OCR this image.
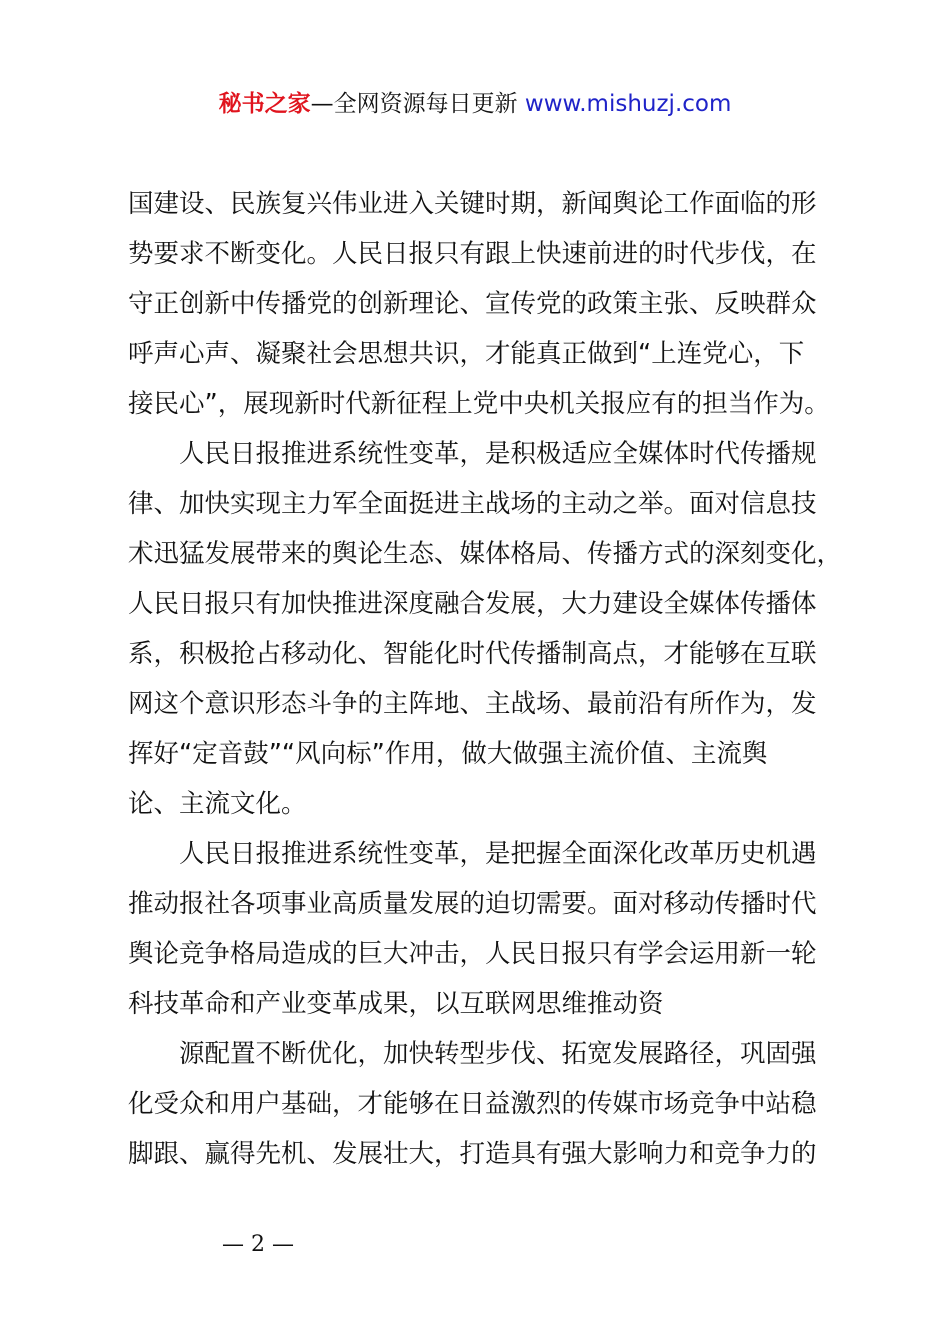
秘书之家—全网资源每日更新 www.mishuzj.com
国建设、民族复兴伟业进入关键时期，新闻舆论工作面临的形
势要求不断变化。人民日报只有跟上快速前进的时代步伐，在
守正创新中传播党的创新理论、宣传党的政策主张、反映群众
呼声心声、凝聚社会思想共识，才能真正做到“上连党心，下
接民心”，展现新时代新征程上党中央机关报应有的担当作为。
人民日报推进系统性变革，是积极适应全媒体时代传播规
律、加快实现主力军全面挺进主战场的主动之举。面对信息技
术迅猛发展带来的舆论生态、媒体格局、传播方式的深刻变化，
人民日报只有加快推进深度融合发展，大力建设全媒体传播体
系，积极抢占移动化、智能化时代传播制高点，才能够在互联
网这个意识形态斗争的主阵地、主战场、最前沿有所作为，发
挥好“定音鼓”“风向标”作用，做大做强主流价值、主流舆
论、主流文化。
人民日报推进系统性变革，是把握全面深化改革历史机遇
推动报社各项事业高质量发展的迫切需要。面对移动传播时代
舆论竞争格局造成的巨大冲击，人民日报只有学会运用新一轮
科技革命和产业变革成果，以互联网思维推动资
源配置不断优化，加快转型步伐、拓宽发展路径，巩固强
化受众和用户基础，才能够在日益激烈的传媒市场竞争中站稳
脚跟、赢得先机、发展壮大，打造具有强大影响力和竞争力的
— 2 —
